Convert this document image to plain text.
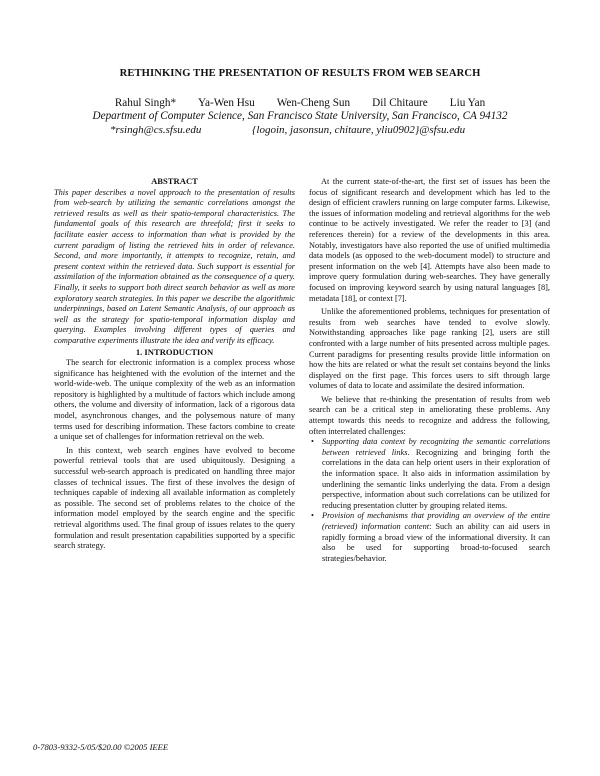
RETHINKING THE PRESENTATION OF RESULTS FROM WEB SEARCH
Rahul Singh* Ya-Wen Hsu Wen-Cheng Sun Dil Chitaure Liu Yan
Department of Computer Science, San Francisco State University, San Francisco, CA 94132
*rsingh@cs.sfsu.edu	{logoin, jasonsun, chitaure, yliu0902}@sfsu.edu
ABSTRACT

This paper describes a novel approach to the presentation of results from web-search by utilizing the semantic correlations amongst the retrieved results as well as their spatio-temporal characteristics. The fundamental goals of this research are threefold; first it seeks to facilitate easier access to information than what is provided by the current paradigm of listing the retrieved hits in order of relevance. Second, and more importantly, it attempts to recognize, retain, and present context within the retrieved data. Such support is essential for assimilation of the information obtained as the consequence of a query. Finally, it seeks to support both direct search behavior as well as more exploratory search strategies. In this paper we describe the algorithmic underpinnings, based on Latent Semantic Analysis, of our approach as well as the strategy for spatio-temporal information display and querying. Examples involving different types of queries and comparative experiments illustrate the idea and verify its efficacy.

1. INTRODUCTION

The search for electronic information is a complex process whose significance has heightened with the evolution of the internet and the world-wide-web. The unique complexity of the web as an information repository is highlighted by a multitude of factors which include among others, the volume and diversity of information, lack of a rigorous data model, asynchronous changes, and the polysemous nature of many terms used for describing information. These factors combine to create a unique set of challenges for information retrieval on the web.

In this context, web search engines have evolved to become powerful retrieval tools that are used ubiquitously. Designing a successful web-search approach is predicated on handling three major classes of technical issues. The first of these involves the design of techniques capable of indexing all available information as completely as possible. The second set of problems relates to the choice of the information model employed by the search engine and the specific retrieval algorithms used. The final group of issues relates to the query formulation and result presentation capabilities supported by a specific search strategy.

At the current state-of-the-art, the first set of issues has been the focus of significant research and development which has led to the design of efficient crawlers running on large computer farms. Likewise, the issues of information modeling and retrieval algorithms for the web continue to be actively investigated. We refer the reader to [3] (and references therein) for a review of the developments in this area. Notably, investigators have also reported the use of unified multimedia data models (as opposed to the web-document model) to structure and present information on the web [4]. Attempts have also been made to improve query formulation during web-searches. They have generally focused on improving keyword search by using natural languages [8], metadata [18], or context [7].

Unlike the aforementioned problems, techniques for presentation of results from web searches have tended to evolve slowly. Notwithstanding approaches like page ranking [2], users are still confronted with a large number of hits presented across multiple pages. Current paradigms for presenting results provide little information on how the hits are related or what the result set contains beyond the links displayed on the first page. This forces users to sift through large volumes of data to locate and assimilate the desired information.

We believe that re-thinking the presentation of results from web search can be a critical step in ameliorating these problems. Any attempt towards this needs to recognize and address the following, often interrelated challenges:

• Supporting data context by recognizing the semantic correlations between retrieved links. Recognizing and bringing forth the correlations in the data can help orient users in their exploration of the information space. It also aids in information assimilation by underlining the semantic links underlying the data. From a design perspective, information about such correlations can be utilized for reducing presentation clutter by grouping related items.
• Provision of mechanisms that providing an overview of the entire (retrieved) information content: Such an ability can aid users in rapidly forming a broad view of the informational diversity. It can also be used for supporting broad-to-focused search strategies/behavior.
0-7803-9332-5/05/$20.00 ©2005 IEEE
